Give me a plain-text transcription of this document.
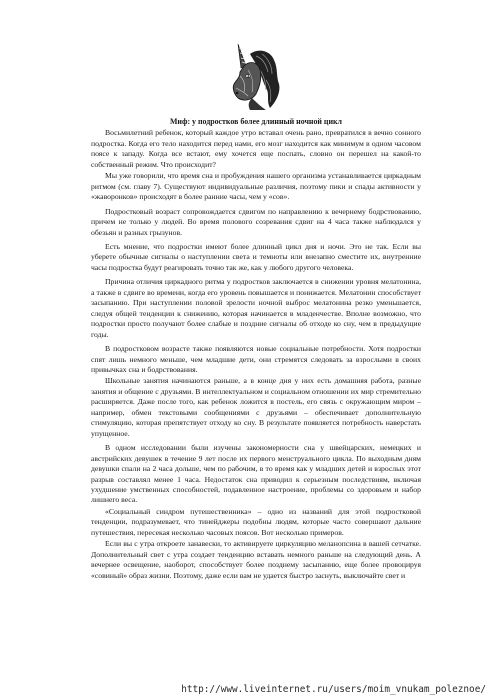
Миф: у подростков более длинный ночной цикл

Восьмилетний ребенок, который каждое утро вставал очень рано, превратился в вечно сонного подростка. Когда его тело находится перед нами, его мозг находится как минимум в одном часовом поясе к западу. Когда все встают, ему хочется еще поспать, словно он перешел на какой-то собственный режим. Что происходит?

Мы уже говорили, что время сна и пробуждения нашего организма устанавливается циркадным ритмом (см. главу 7). Существуют индивидуальные различия, поэтому пики и спады активности у «жаворонков» происходят в более ранние часы, чем у «сов».

Подростковый возраст сопровождается сдвигом по направлению к вечернему бодрствованию, причем не только у людей. Во время полового созревания сдвиг на 4 часа также наблюдался у обезьян и разных грызунов.

Есть мнение, что подростки имеют более длинный цикл дня и ночи. Это не так. Если вы уберете обычные сигналы о наступлении света и темноты или внезапно сместите их, внутренние часы подростка будут реагировать точно так же, как у любого другого человека.

Причина отличия циркадного ритма у подростков заключается в снижении уровня мелатонина, а также в сдвиге во времени, когда его уровень повышается и понижается. Мелатонин способствует засыпанию. При наступлении половой зрелости ночной выброс мелатонина резко уменьшается, следуя общей тенденции к снижению, которая начинается в младенчестве. Вполне возможно, что подростки просто получают более слабые и поздние сигналы об отходе ко сну, чем в предыдущие годы.

В подростковом возрасте также появляются новые социальные потребности. Хотя подростки спят лишь немного меньше, чем младшие дети, они стремятся следовать за взрослыми в своих привычках сна и бодрствования.

Школьные занятия начинаются раньше, а в конце дня у них есть домашняя работа, разные занятия и общение с друзьями. В интеллектуальном и социальном отношении их мир стремительно расширяется. Даже после того, как ребенок ложится в постель, его связь с окружающим миром – например, обмен текстовыми сообщениями с друзьями – обеспечивает дополнительную стимуляцию, которая препятствует отходу ко сну. В результате появляется потребность наверстать упущенное.

В одном исследовании были изучены закономерности сна у швейцарских, немецких и австрийских девушек в течение 9 лет после их первого менструального цикла. По выходным дням девушки спали на 2 часа дольше, чем по рабочим, в то время как у младших детей и взрослых этот разрыв составлял менее 1 часа. Недостаток сна приводил к серьезным последствиям, включая ухудшение умственных способностей, подавленное настроение, проблемы со здоровьем и набор лишнего веса.

«Социальный синдром путешественника» – одно из названий для этой подростковой тенденции, подразумевает, что тинейджеры подобны людям, которые часто совершают дальние путешествия, пересекая несколько часовых поясов. Вот несколько примеров.

Если вы с утра откроете занавески, то активируете циркуляцию меланопсина в вашей сетчатке. Дополнительный свет с утра создает тенденцию вставать немного раньше на следующий день. А вечернее освещение, наоборот, способствует более позднему засыпанию, еще более провоцируя «совиный» образ жизни. Поэтому, даже если вам не удается быстро заснуть, выключайте свет и

http://www.liveinternet.ru/users/moim_vnukam_poleznoe/
